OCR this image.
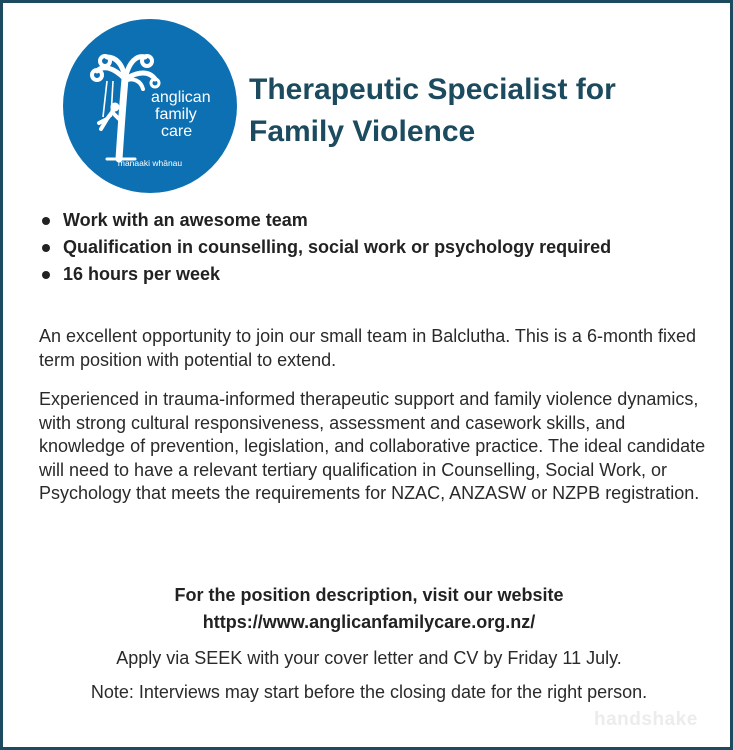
anglican
family
care
manaaki whānau
Therapeutic Specialist for
Family Violence
Work with an awesome team
Qualification in counselling, social work or psychology required
16 hours per week

An excellent opportunity to join our small team in Balclutha. This is a 6-month fixed term position with potential to extend.

Experienced in trauma-informed therapeutic support and family violence dynamics, with strong cultural responsiveness, assessment and casework skills, and knowledge of prevention, legislation, and collaborative practice. The ideal candidate will need to have a relevant tertiary qualification in Counselling, Social Work, or Psychology that meets the requirements for NZAC, ANZASW or NZPB registration.

For the position description, visit our website
https://www.anglicanfamilycare.org.nz/
Apply via SEEK with your cover letter and CV by Friday 11 July.
Note: Interviews may start before the closing date for the right person.
handshake
